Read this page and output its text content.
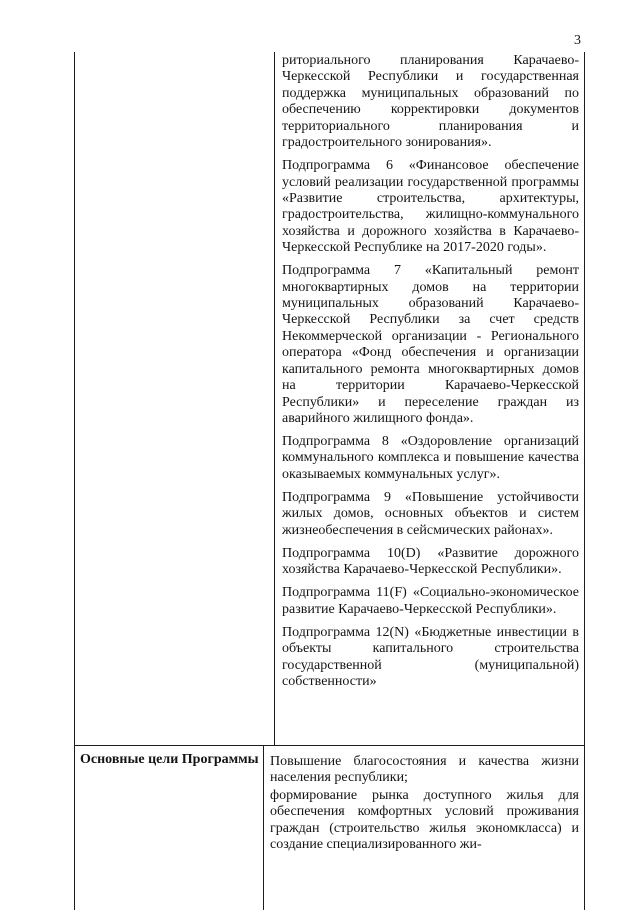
3

риториального планирования Карачаево-Черкесской Республики и государственная поддержка муниципальных образований по обеспечению корректировки документов территориального планирования и градостроительного зонирования».

Подпрограмма 6 «Финансовое обеспечение условий реализации государственной программы «Развитие строительства, архитектуры, градостроительства, жилищно-коммунального хозяйства и дорожного хозяйства в Карачаево-Черкесской Республике на 2017-2020 годы».

Подпрограмма 7 «Капитальный ремонт многоквартирных домов на территории муниципальных образований Карачаево-Черкесской Республики за счет средств Некоммерческой организации - Регионального оператора «Фонд обеспечения и организации капитального ремонта многоквартирных домов на территории Карачаево-Черкесской Республики» и переселение граждан из аварийного жилищного фонда».

Подпрограмма 8 «Оздоровление организаций коммунального комплекса и повышение качества оказываемых коммунальных услуг».

Подпрограмма 9 «Повышение устойчивости жилых домов, основных объектов и систем жизнеобеспечения в сейсмических районах».

Подпрограмма 10(D) «Развитие дорожного хозяйства Карачаево-Черкесской Республики».

Подпрограмма 11(F) «Социально-экономическое развитие Карачаево-Черкесской Республики».

Подпрограмма 12(N) «Бюджетные инвестиции в объекты капитального строительства государственной (муниципальной) собственности»

Основные цели Программы Повышение благосостояния и качества жизни населения республики;

формирование рынка доступного жилья для обеспечения комфортных условий проживания граждан (строительство жилья экономкласса) и создание специализированного жи-
